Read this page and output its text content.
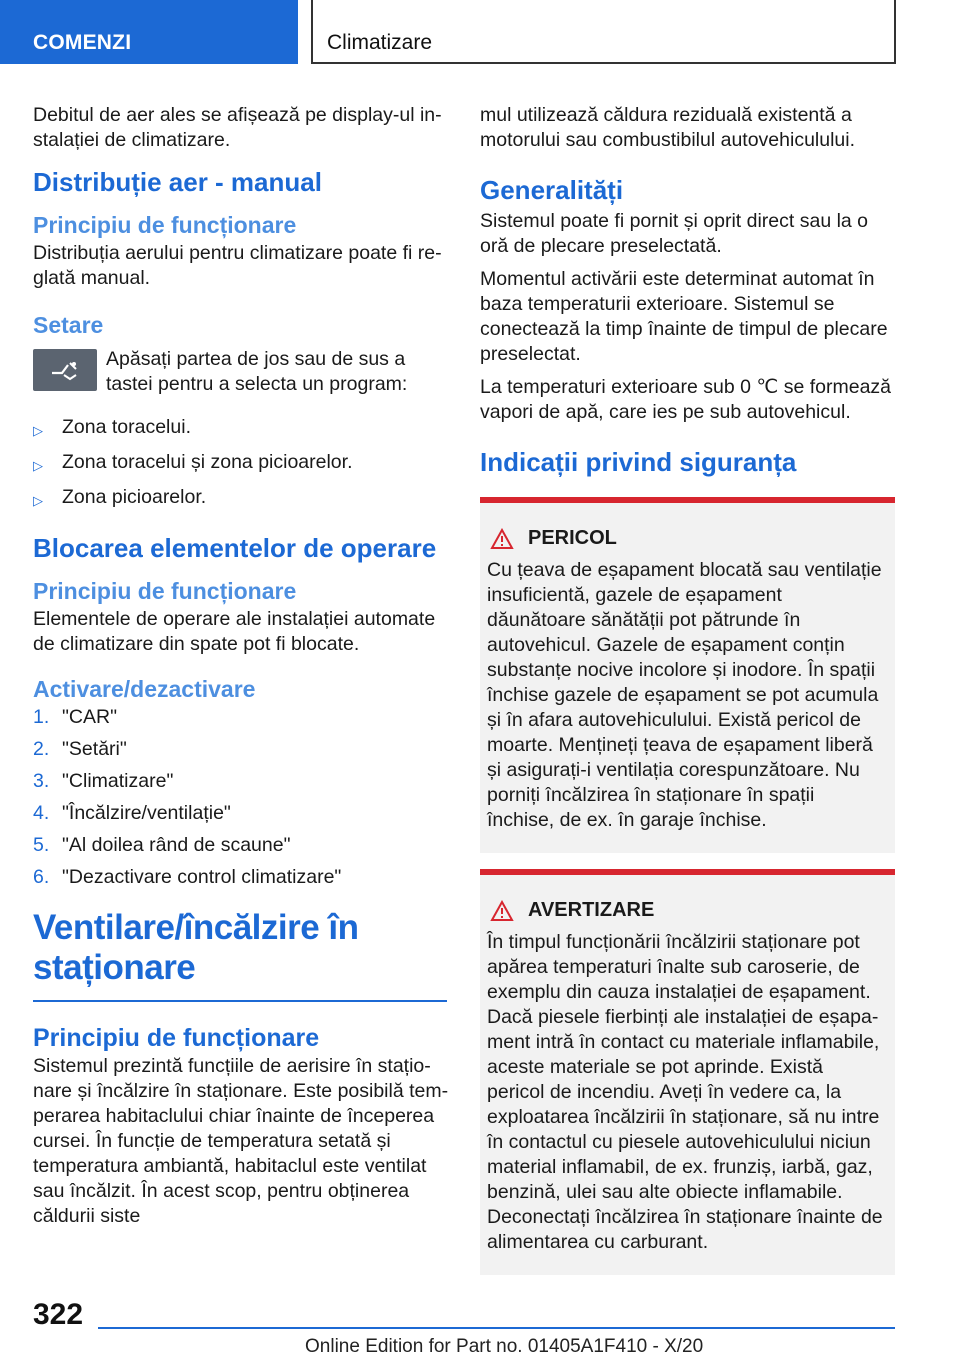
COMENZI	Climatizare

Debitul de aer ales se afișează pe display-ul instalației de climatizare.

Distribuție aer - manual
Principiu de funcționare

Distribuția aerului pentru climatizare poate fi reglată manual.

Setare

Apăsați partea de jos sau de sus a tastei pentru a selecta un program:

▷ Zona toracelui.
▷ Zona toracelui și zona picioarelor.
▷ Zona picioarelor.
Blocarea elementelor de operare
Principiu de funcționare

Elementele de operare ale instalației automate de climatizare din spate pot fi blocate.

Activare/dezactivare
1. "CAR"
2. "Setări"
3. "Climatizare"
4. "Încălzire/ventilație"
5. "Al doilea rând de scaune"
6. "Dezactivare control climatizare"
Ventilare/încălzire în staționare
Principiu de funcționare

Sistemul prezintă funcțiile de aerisire în staționare și încălzire în staționare. Este posibilă temperarea habitaclului chiar înainte de începerea cursei. În funcție de temperatura setată și temperatura ambiantă, habitaclul este ventilat sau încălzit. În acest scop, pentru obținerea căldurii siste

mul utilizează căldura reziduală existentă a motorului sau combustibilul autovehiculului.

Generalități

Sistemul poate fi pornit și oprit direct sau la o oră de plecare preselectată.

Momentul activării este determinat automat în baza temperaturii exterioare. Sistemul se conectează la timp înainte de timpul de plecare preselectat.

La temperaturi exterioare sub 0 ℃ se formează vapori de apă, care ies pe sub autovehicul.

Indicații privind siguranța
PERICOL

Cu țeava de eșapament blocată sau ventilație insuficientă, gazele de eșapament dăunătoare sănătății pot pătrunde în autovehicul. Gazele de eșapament conțin substanțe nocive incolore și inodore. În spații închise gazele de eșapament se pot acumula și în afara autovehiculului. Există pericol de moarte. Mențineți țeava de eșapament liberă și asigurați-i ventilația corespunzătoare. Nu porniți încălzirea în staționare în spații închise, de ex. în garaje închise.

AVERTIZARE

În timpul funcționării încălzirii staționare pot apărea temperaturi înalte sub caroserie, de exemplu din cauza instalației de eșapament. Dacă piesele fierbinți ale instalației de eșapament intră în contact cu materiale inflamabile, aceste materiale se pot aprinde. Există pericol de incendiu. Aveți în vedere ca, la exploatarea încălzirii în staționare, să nu intre în contactul cu piesele autovehiculului niciun material inflamabil, de ex. frunziș, iarbă, gaz, benzină, ulei sau alte obiecte inflamabile. Deconectați încălzirea în staționare înainte de alimentarea cu carburant.

322
Online Edition for Part no. 01405A1F410 - X/20
